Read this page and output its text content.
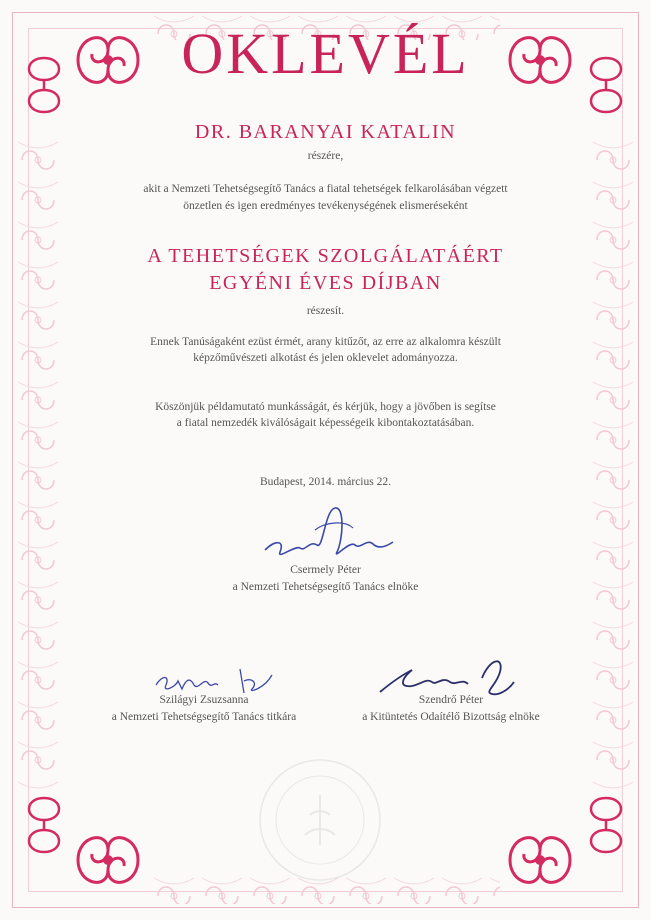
OKLEVÉL
DR. BARANYAI KATALIN
részére,
akit a Nemzeti Tehetségsegítő Tanács a fiatal tehetségek felkarolásában végzett
önzetlen és igen eredményes tevékenységének elismeréseként
A TEHETSÉGEK SZOLGÁLATÁÉRT
EGYÉNI ÉVES DÍJBAN
részesít.
Ennek Tanúságaként ezüst érmét, arany kitűzőt, az erre az alkalomra készült
képzőművészeti alkotást és jelen oklevelet adományozza.
Köszönjük példamutató munkásságát, és kérjük, hogy a jövőben is segítse
a fiatal nemzedék kiválóságait képességeik kibontakoztatásában.
Budapest, 2014. március 22.
Csermely Péter
a Nemzeti Tehetségsegítő Tanács elnöke
Szilágyi Zsuzsanna
a Nemzeti Tehetségsegítő Tanács titkára
Szendrő Péter
a Kitüntetés Odaítélő Bizottság elnöke
